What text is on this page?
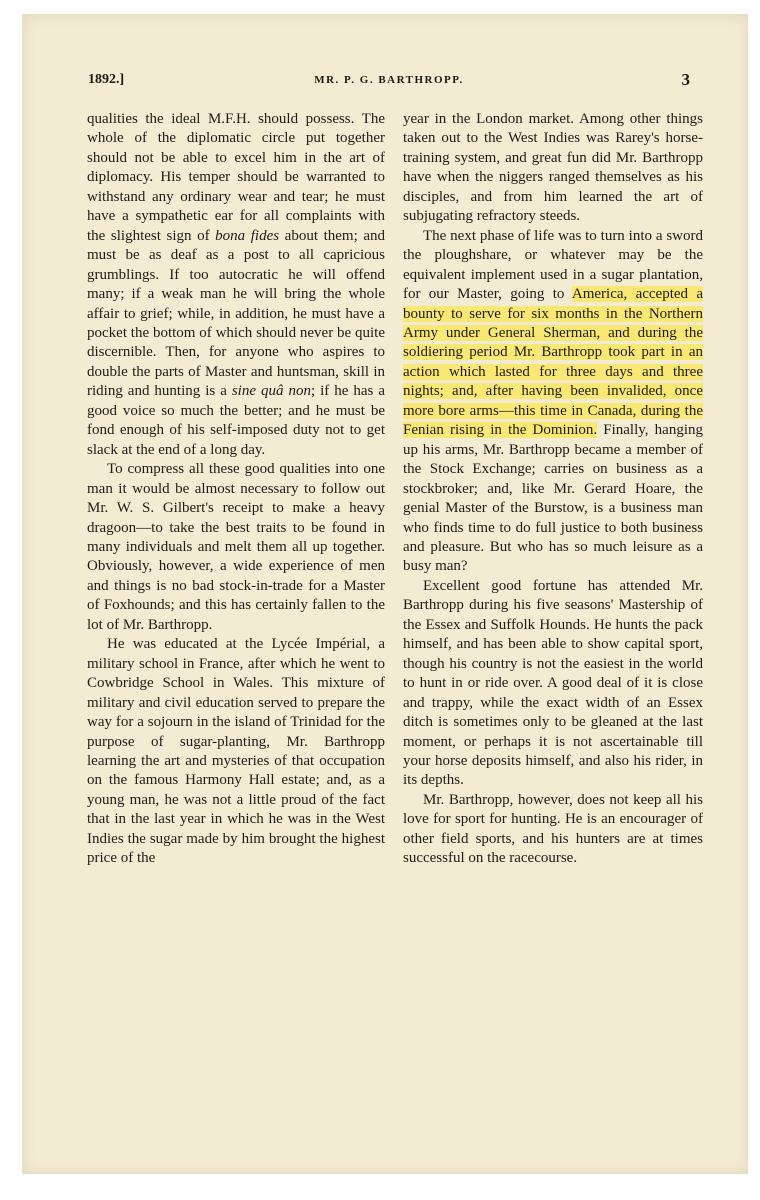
1892.]	MR. P. G. BARTHROPP.	3

qualities the ideal M.F.H. should possess. The whole of the diplomatic circle put together should not be able to excel him in the art of diplomacy. His temper should be warranted to withstand any ordinary wear and tear; he must have a sympathetic ear for all complaints with the slightest sign of bona fides about them; and must be as deaf as a post to all capricious grumblings. If too autocratic he will offend many; if a weak man he will bring the whole affair to grief; while, in addition, he must have a pocket the bottom of which should never be quite discernible. Then, for anyone who aspires to double the parts of Master and huntsman, skill in riding and hunting is a sine quâ non; if he has a good voice so much the better; and he must be fond enough of his self-imposed duty not to get slack at the end of a long day.

To compress all these good qualities into one man it would be almost necessary to follow out Mr. W. S. Gilbert's receipt to make a heavy dragoon—to take the best traits to be found in many individuals and melt them all up together. Obviously, however, a wide experience of men and things is no bad stock-in-trade for a Master of Foxhounds; and this has certainly fallen to the lot of Mr. Barthropp.

He was educated at the Lycée Impérial, a military school in France, after which he went to Cowbridge School in Wales. This mixture of military and civil education served to prepare the way for a sojourn in the island of Trinidad for the purpose of sugar-planting, Mr. Barthropp learning the art and mysteries of that occupation on the famous Harmony Hall estate; and, as a young man, he was not a little proud of the fact that in the last year in which he was in the West Indies the sugar made by him brought the highest price of the

year in the London market. Among other things taken out to the West Indies was Rarey's horse-training system, and great fun did Mr. Barthropp have when the niggers ranged themselves as his disciples, and from him learned the art of subjugating refractory steeds.

The next phase of life was to turn into a sword the ploughshare, or whatever may be the equivalent implement used in a sugar plantation, for our Master, going to America, accepted a bounty to serve for six months in the Northern Army under General Sherman, and during the soldiering period Mr. Barthropp took part in an action which lasted for three days and three nights; and, after having been invalided, once more bore arms—this time in Canada, during the Fenian rising in the Dominion. Finally, hanging up his arms, Mr. Barthropp became a member of the Stock Exchange; carries on business as a stockbroker; and, like Mr. Gerard Hoare, the genial Master of the Burstow, is a business man who finds time to do full justice to both business and pleasure. But who has so much leisure as a busy man?

Excellent good fortune has attended Mr. Barthropp during his five seasons' Mastership of the Essex and Suffolk Hounds. He hunts the pack himself, and has been able to show capital sport, though his country is not the easiest in the world to hunt in or ride over. A good deal of it is close and trappy, while the exact width of an Essex ditch is sometimes only to be gleaned at the last moment, or perhaps it is not ascertainable till your horse deposits himself, and also his rider, in its depths.

Mr. Barthropp, however, does not keep all his love for sport for hunting. He is an encourager of other field sports, and his hunters are at times successful on the racecourse.
